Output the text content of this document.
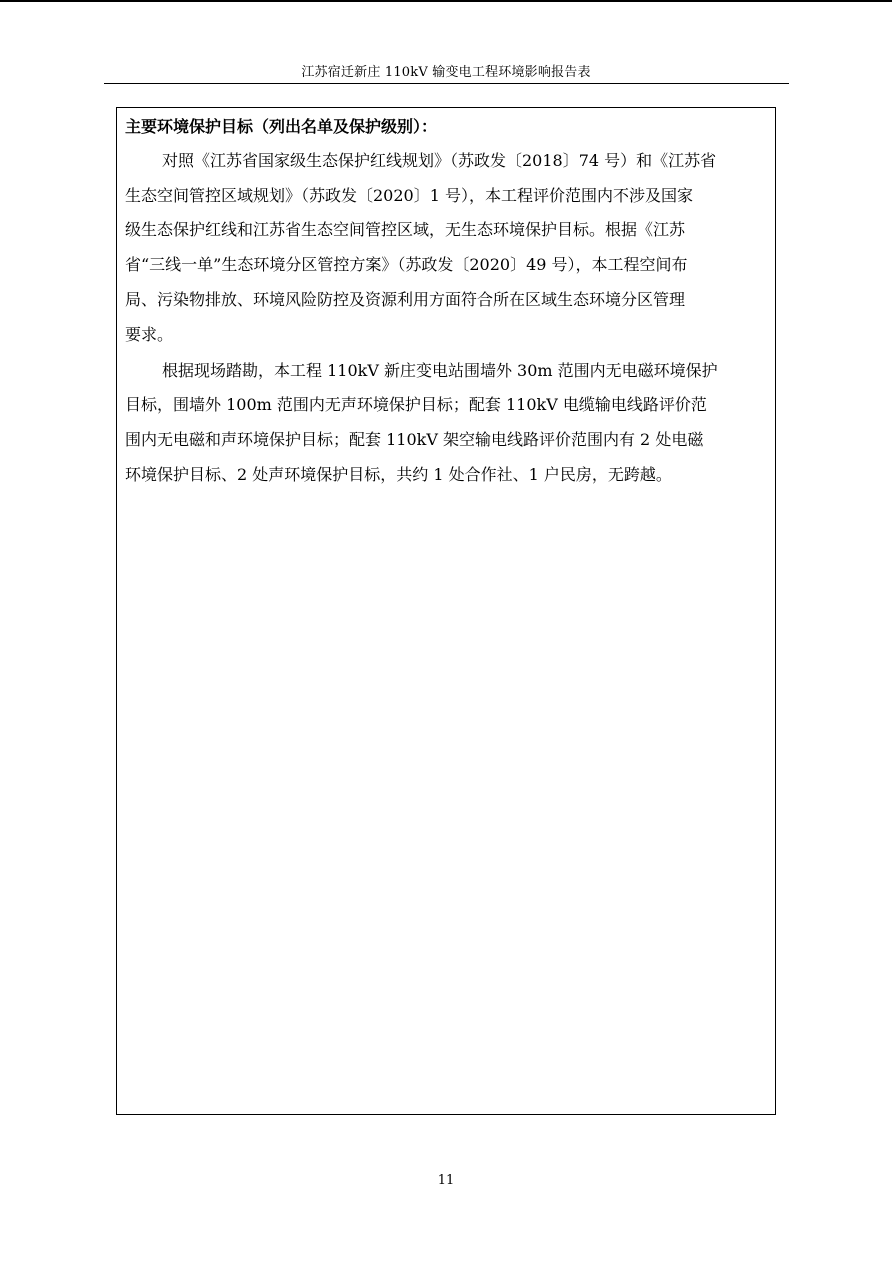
江苏宿迁新庄 110kV 输变电工程环境影响报告表
主要环境保护目标（列出名单及保护级别）：
对照《江苏省国家级生态保护红线规划》（苏政发〔2018〕74 号）和《江苏省
生态空间管控区域规划》（苏政发〔2020〕1 号），本工程评价范围内不涉及国家
级生态保护红线和江苏省生态空间管控区域，无生态环境保护目标。根据《江苏
省“三线一单”生态环境分区管控方案》（苏政发〔2020〕49 号），本工程空间布
局、污染物排放、环境风险防控及资源利用方面符合所在区域生态环境分区管理
要求。
根据现场踏勘，本工程 110kV 新庄变电站围墙外 30m 范围内无电磁环境保护
目标，围墙外 100m 范围内无声环境保护目标；配套 110kV 电缆输电线路评价范
围内无电磁和声环境保护目标；配套 110kV 架空输电线路评价范围内有 2 处电磁
环境保护目标、2 处声环境保护目标，共约 1 处合作社、1 户民房，无跨越。
11
